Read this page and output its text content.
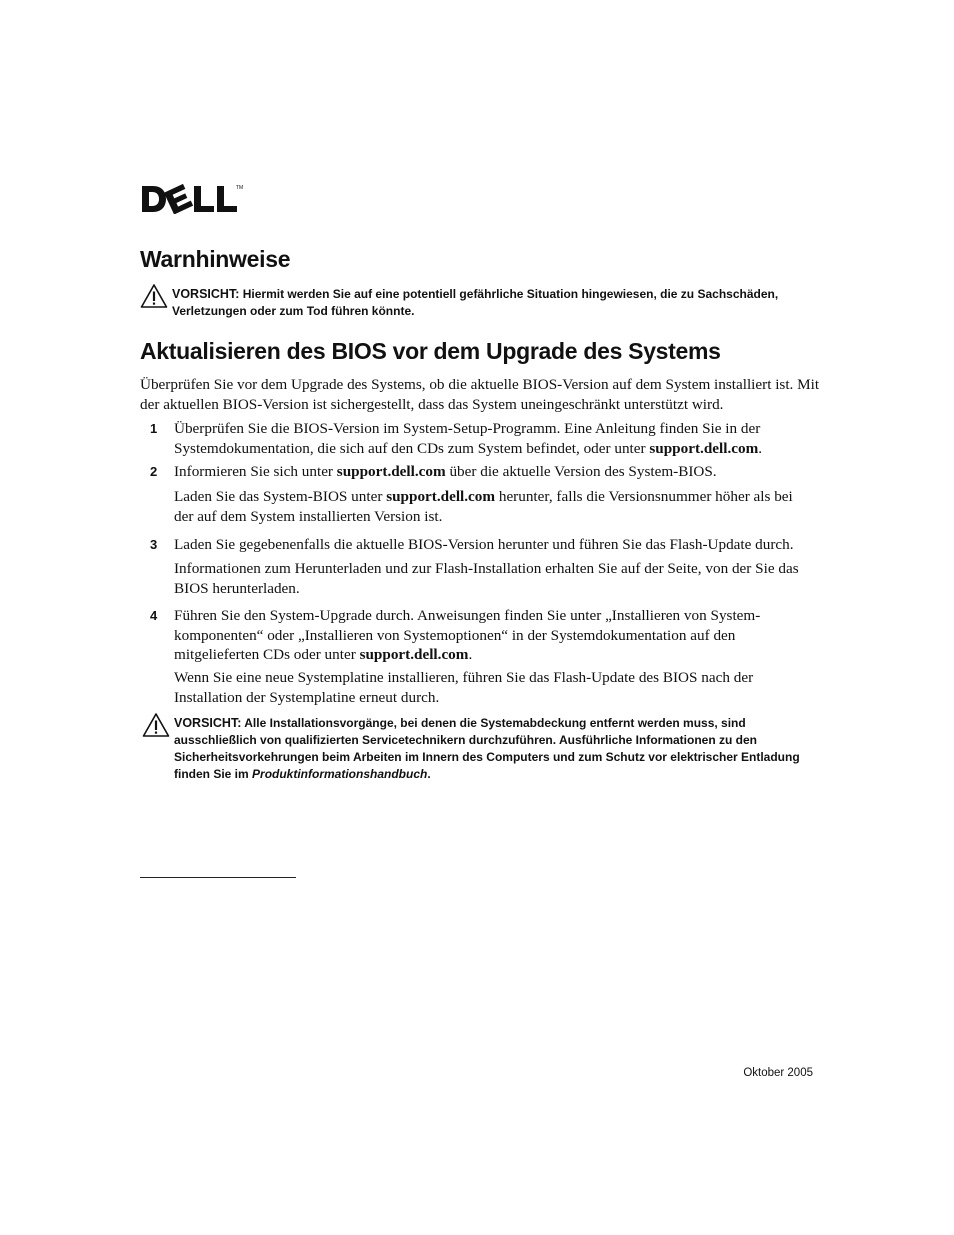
TM
Warnhinweise
VORSICHT: Hiermit werden Sie auf eine potentiell gefährliche Situation hingewiesen, die zu Sachschäden, Verletzungen oder zum Tod führen könnte.
Aktualisieren des BIOS vor dem Upgrade des Systems

Überprüfen Sie vor dem Upgrade des Systems, ob die aktuelle BIOS-Version auf dem System installiert ist. Mit der aktuellen BIOS-Version ist sichergestellt, dass das System uneingeschränkt unterstützt wird.

1 Überprüfen Sie die BIOS-Version im System-Setup-Programm. Eine Anleitung finden Sie in der Systemdokumentation, die sich auf den CDs zum System befindet, oder unter support.dell.com.

2 Informieren Sie sich unter support.dell.com über die aktuelle Version des System-BIOS.

Laden Sie das System-BIOS unter support.dell.com herunter, falls die Versionsnummer höher als bei der auf dem System installierten Version ist.

3 Laden Sie gegebenenfalls die aktuelle BIOS-Version herunter und führen Sie das Flash-Update durch.

Informationen zum Herunterladen und zur Flash-Installation erhalten Sie auf der Seite, von der Sie das BIOS herunterladen.

4 Führen Sie den System-Upgrade durch. Anweisungen finden Sie unter „Installieren von Systemkomponenten“ oder „Installieren von Systemoptionen“ in der Systemdokumentation auf den mitgelieferten CDs oder unter support.dell.com.

Wenn Sie eine neue Systemplatine installieren, führen Sie das Flash-Update des BIOS nach der Installation der Systemplatine erneut durch.

VORSICHT: Alle Installationsvorgänge, bei denen die Systemabdeckung entfernt werden muss, sind ausschließlich von qualifizierten Servicetechnikern durchzuführen. Ausführliche Informationen zu den Sicherheitsvorkehrungen beim Arbeiten im Innern des Computers und zum Schutz vor elektrischer Entladung finden Sie im Produktinformationshandbuch.
Oktober 2005
